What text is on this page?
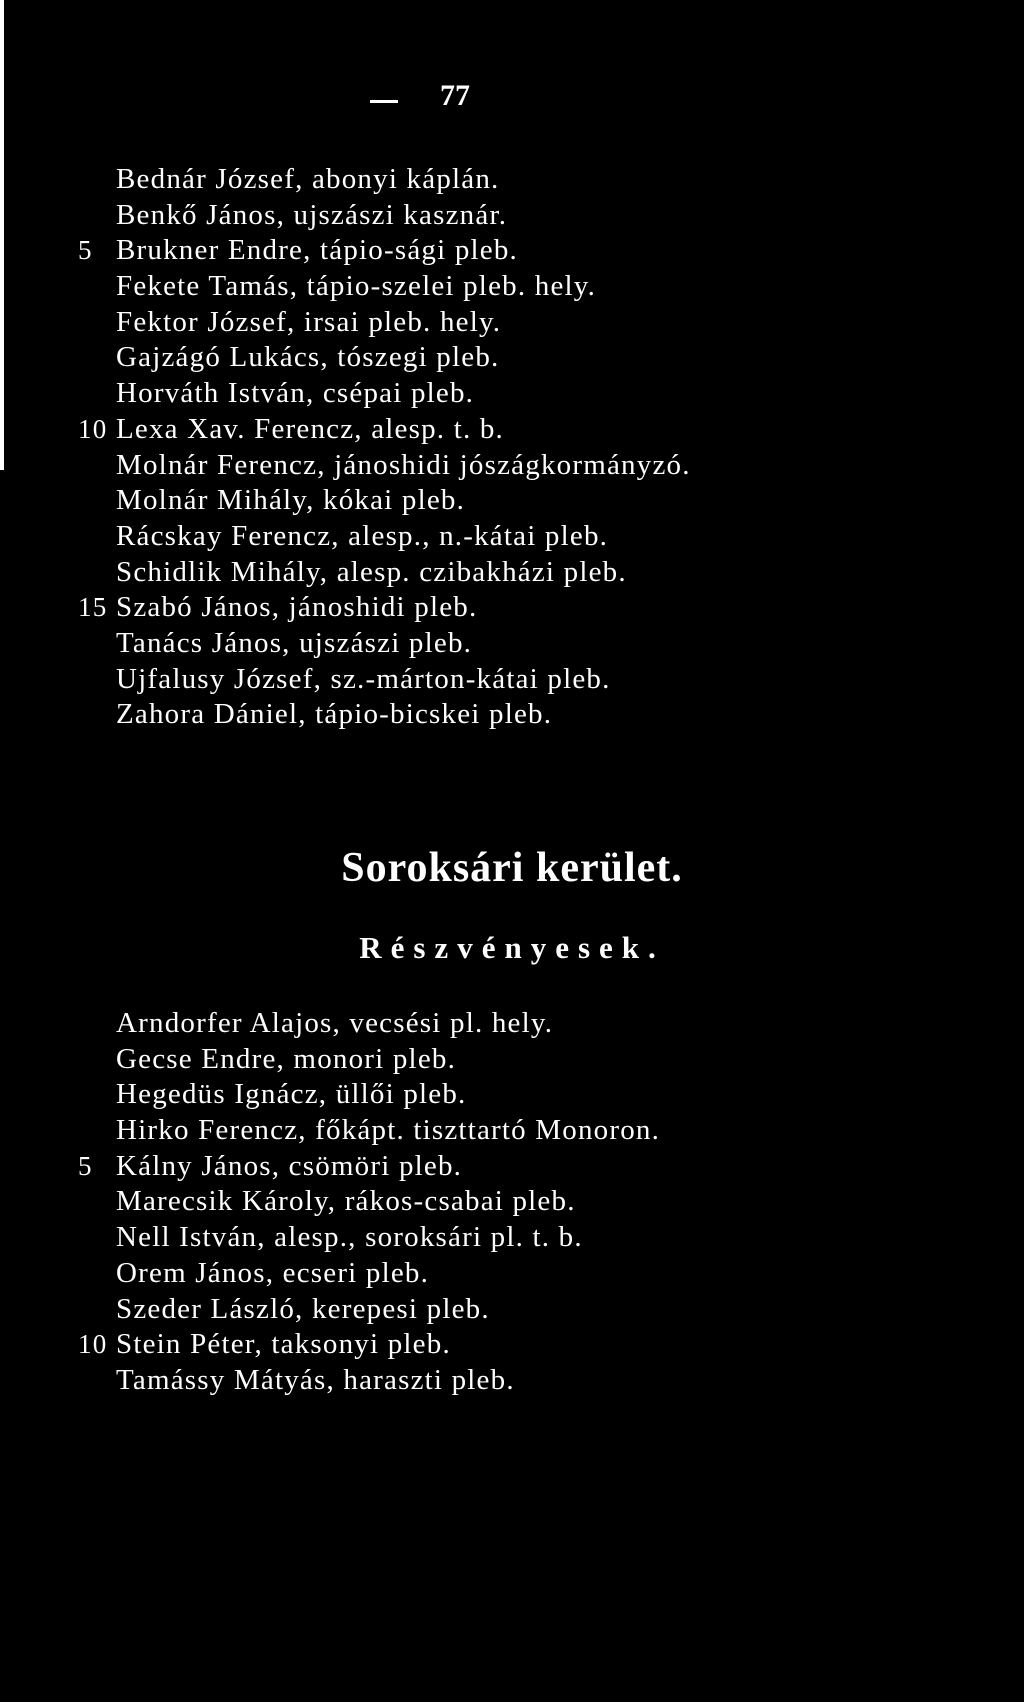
77
Bednár József, abonyi káplán.
Benkő János, ujszászi kasznár.
5 Brukner Endre, tápio-sági pleb.
Fekete Tamás, tápio-szelei pleb. hely.
Fektor József, irsai pleb. hely.
Gajzágó Lukács, tószegi pleb.
Horváth István, csépai pleb.
10 Lexa Xav. Ferencz, alesp. t. b.
Molnár Ferencz, jánoshidi jószágkormányzó.
Molnár Mihály, kókai pleb.
Rácskay Ferencz, alesp., n.-kátai pleb.
Schidlik Mihály, alesp. czibakházi pleb.
15 Szabó János, jánoshidi pleb.
Tanács János, ujszászi pleb.
Ujfalusy József, sz.-márton-kátai pleb.
Zahora Dániel, tápio-bicskei pleb.
Soroksári kerület.
Részvényesek.
Arndorfer Alajos, vecsési pl. hely.
Gecse Endre, monori pleb.
Hegedüs Ignácz, üllői pleb.
Hirko Ferencz, főkápt. tiszttartó Monoron.
5 Kálny János, csömöri pleb.
Marecsik Károly, rákos-csabai pleb.
Nell István, alesp., soroksári pl. t. b.
Orem János, ecseri pleb.
Szeder László, kerepesi pleb.
10 Stein Péter, taksonyi pleb.
Tamássy Mátyás, haraszti pleb.
